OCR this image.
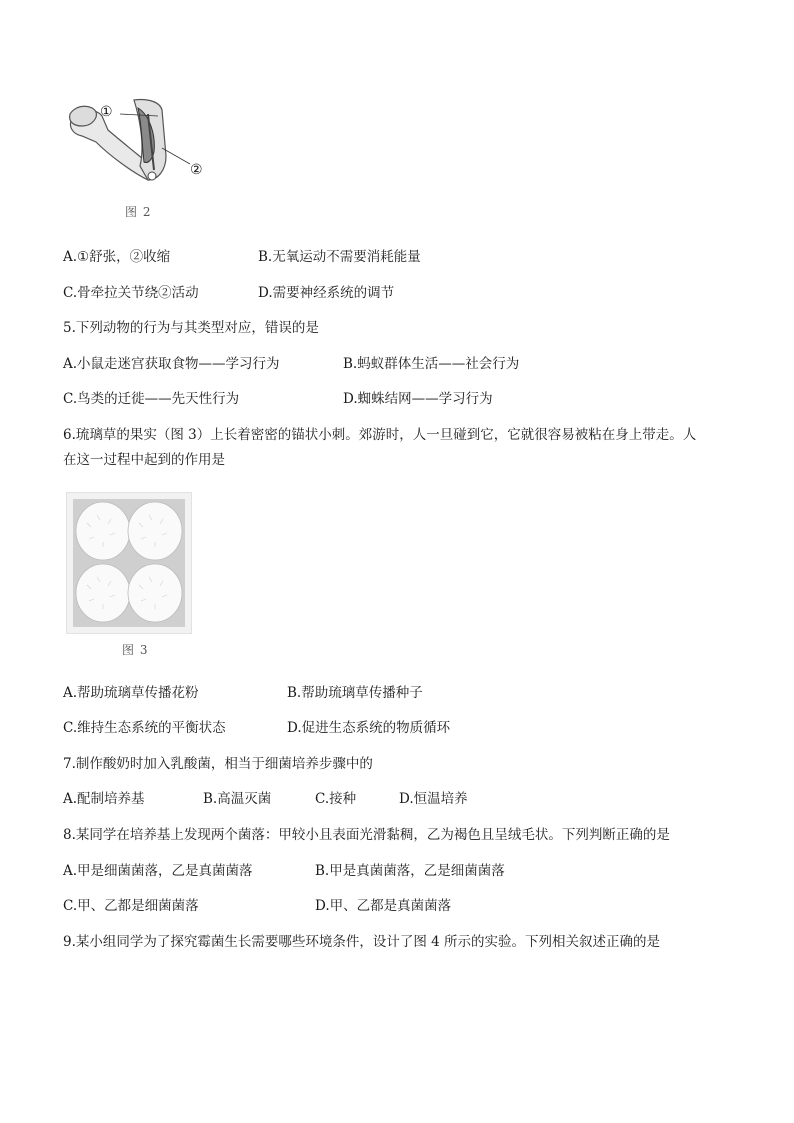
①
②
图 2
A.①舒张，②收缩	B.无氧运动不需要消耗能量
C.骨牵拉关节绕②活动	D.需要神经系统的调节
5.下列动物的行为与其类型对应，错误的是
A.小鼠走迷宫获取食物——学习行为	B.蚂蚁群体生活——社会行为
C.鸟类的迁徙——先天性行为	D.蜘蛛结网——学习行为
6.琉璃草的果实（图 3）上长着密密的锚状小刺。郊游时，人一旦碰到它，它就很容易被粘在身上带走。人
在这一过程中起到的作用是
图 3
A.帮助琉璃草传播花粉	B.帮助琉璃草传播种子
C.维持生态系统的平衡状态	D.促进生态系统的物质循环
7.制作酸奶时加入乳酸菌，相当于细菌培养步骤中的
A.配制培养基	B.高温灭菌	C.接种	D.恒温培养
8.某同学在培养基上发现两个菌落：甲较小且表面光滑黏稠，乙为褐色且呈绒毛状。下列判断正确的是
A.甲是细菌菌落，乙是真菌菌落	B.甲是真菌菌落，乙是细菌菌落
C.甲、乙都是细菌菌落	D.甲、乙都是真菌菌落
9.某小组同学为了探究霉菌生长需要哪些环境条件，设计了图 4 所示的实验。下列相关叙述正确的是
